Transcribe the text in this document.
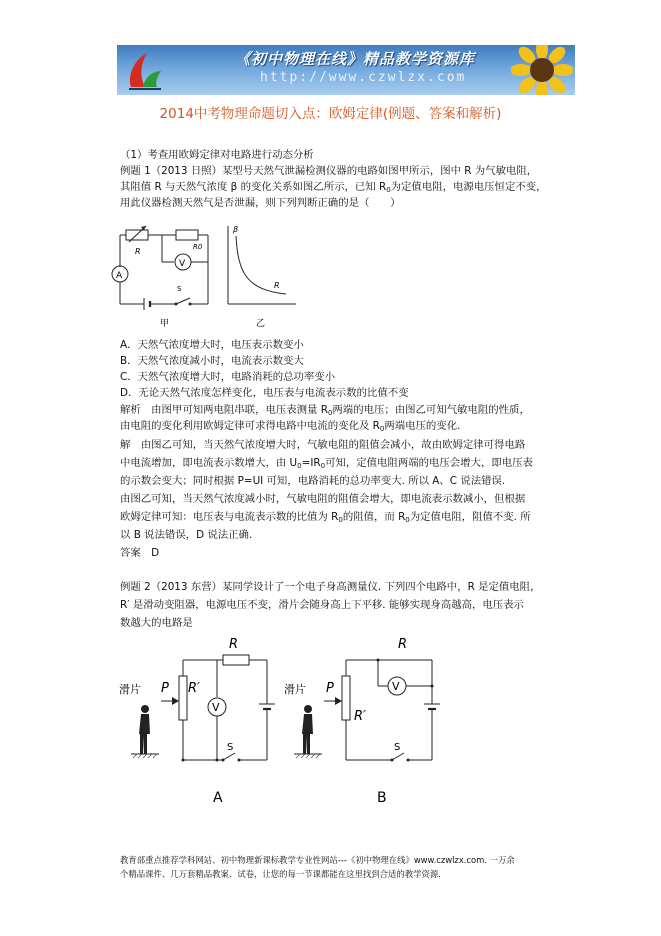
《初中物理在线》精品教学资源库
http://www.czwlzx.com
2014中考物理命题切入点：欧姆定律(例题、答案和解析)
（1）考查用欧姆定律对电路进行动态分析
例题 1（2013 日照）某型号天然气泄漏检测仪器的电路如图甲所示，图中 R 为气敏电阻，
其阻值 R 与天然气浓度 β 的变化关系如图乙所示，已知 $R_0$为定值电阻，电源电压恒定不变，
用此仪器检测天然气是否泄漏，则下列判断正确的是（　　）
R	R0
V
A
S
甲
β
R
乙
A．天然气浓度增大时，电压表示数变小
B．天然气浓度减小时，电流表示数变大
C．天然气浓度增大时，电路消耗的总功率变小
D．无论天然气浓度怎样变化，电压表与电流表示数的比值不变
解析　由图甲可知两电阻串联，电压表测量 $R_0$两端的电压；由图乙可知气敏电阻的性质，
由电阻的变化利用欧姆定律可求得电路中电流的变化及 $R_0$两端电压的变化.
解　由图乙可知，当天然气浓度增大时，气敏电阻的阻值会减小，故由欧姆定律可得电路
中电流增加，即电流表示数增大，由 $U_0=IR_0$可知，定值电阻两端的电压会增大，即电压表
的示数会变大；同时根据 P=UI 可知，电路消耗的总功率变大. 所以 A、C 说法错误.
由图乙可知，当天然气浓度减小时，气敏电阻的阻值会增大，即电流表示数减小，但根据
欧姆定律可知：电压表与电流表示数的比值为 $R_0$的阻值，而 $R_0$为定值电阻，阻值不变. 所
以 B 说法错误，D 说法正确.
答案　D
例题 2（2013 东营）某同学设计了一个电子身高测量仪. 下列四个电路中，R 是定值电阻，
R′ 是滑动变阻器，电源电压不变，滑片会随身高上下平移. 能够实现身高越高，电压表示
数越大的电路是
R
滑片 P R′
V
S
A
R
滑片 P
R′
V
S
B
教育部重点推荐学科网站、初中物理新课标教学专业性网站---《初中物理在线》www.czwlzx.com. 一万余
个精品课件、几万套精品教案、试卷，让您的每一节课都能在这里找到合适的教学资源.
